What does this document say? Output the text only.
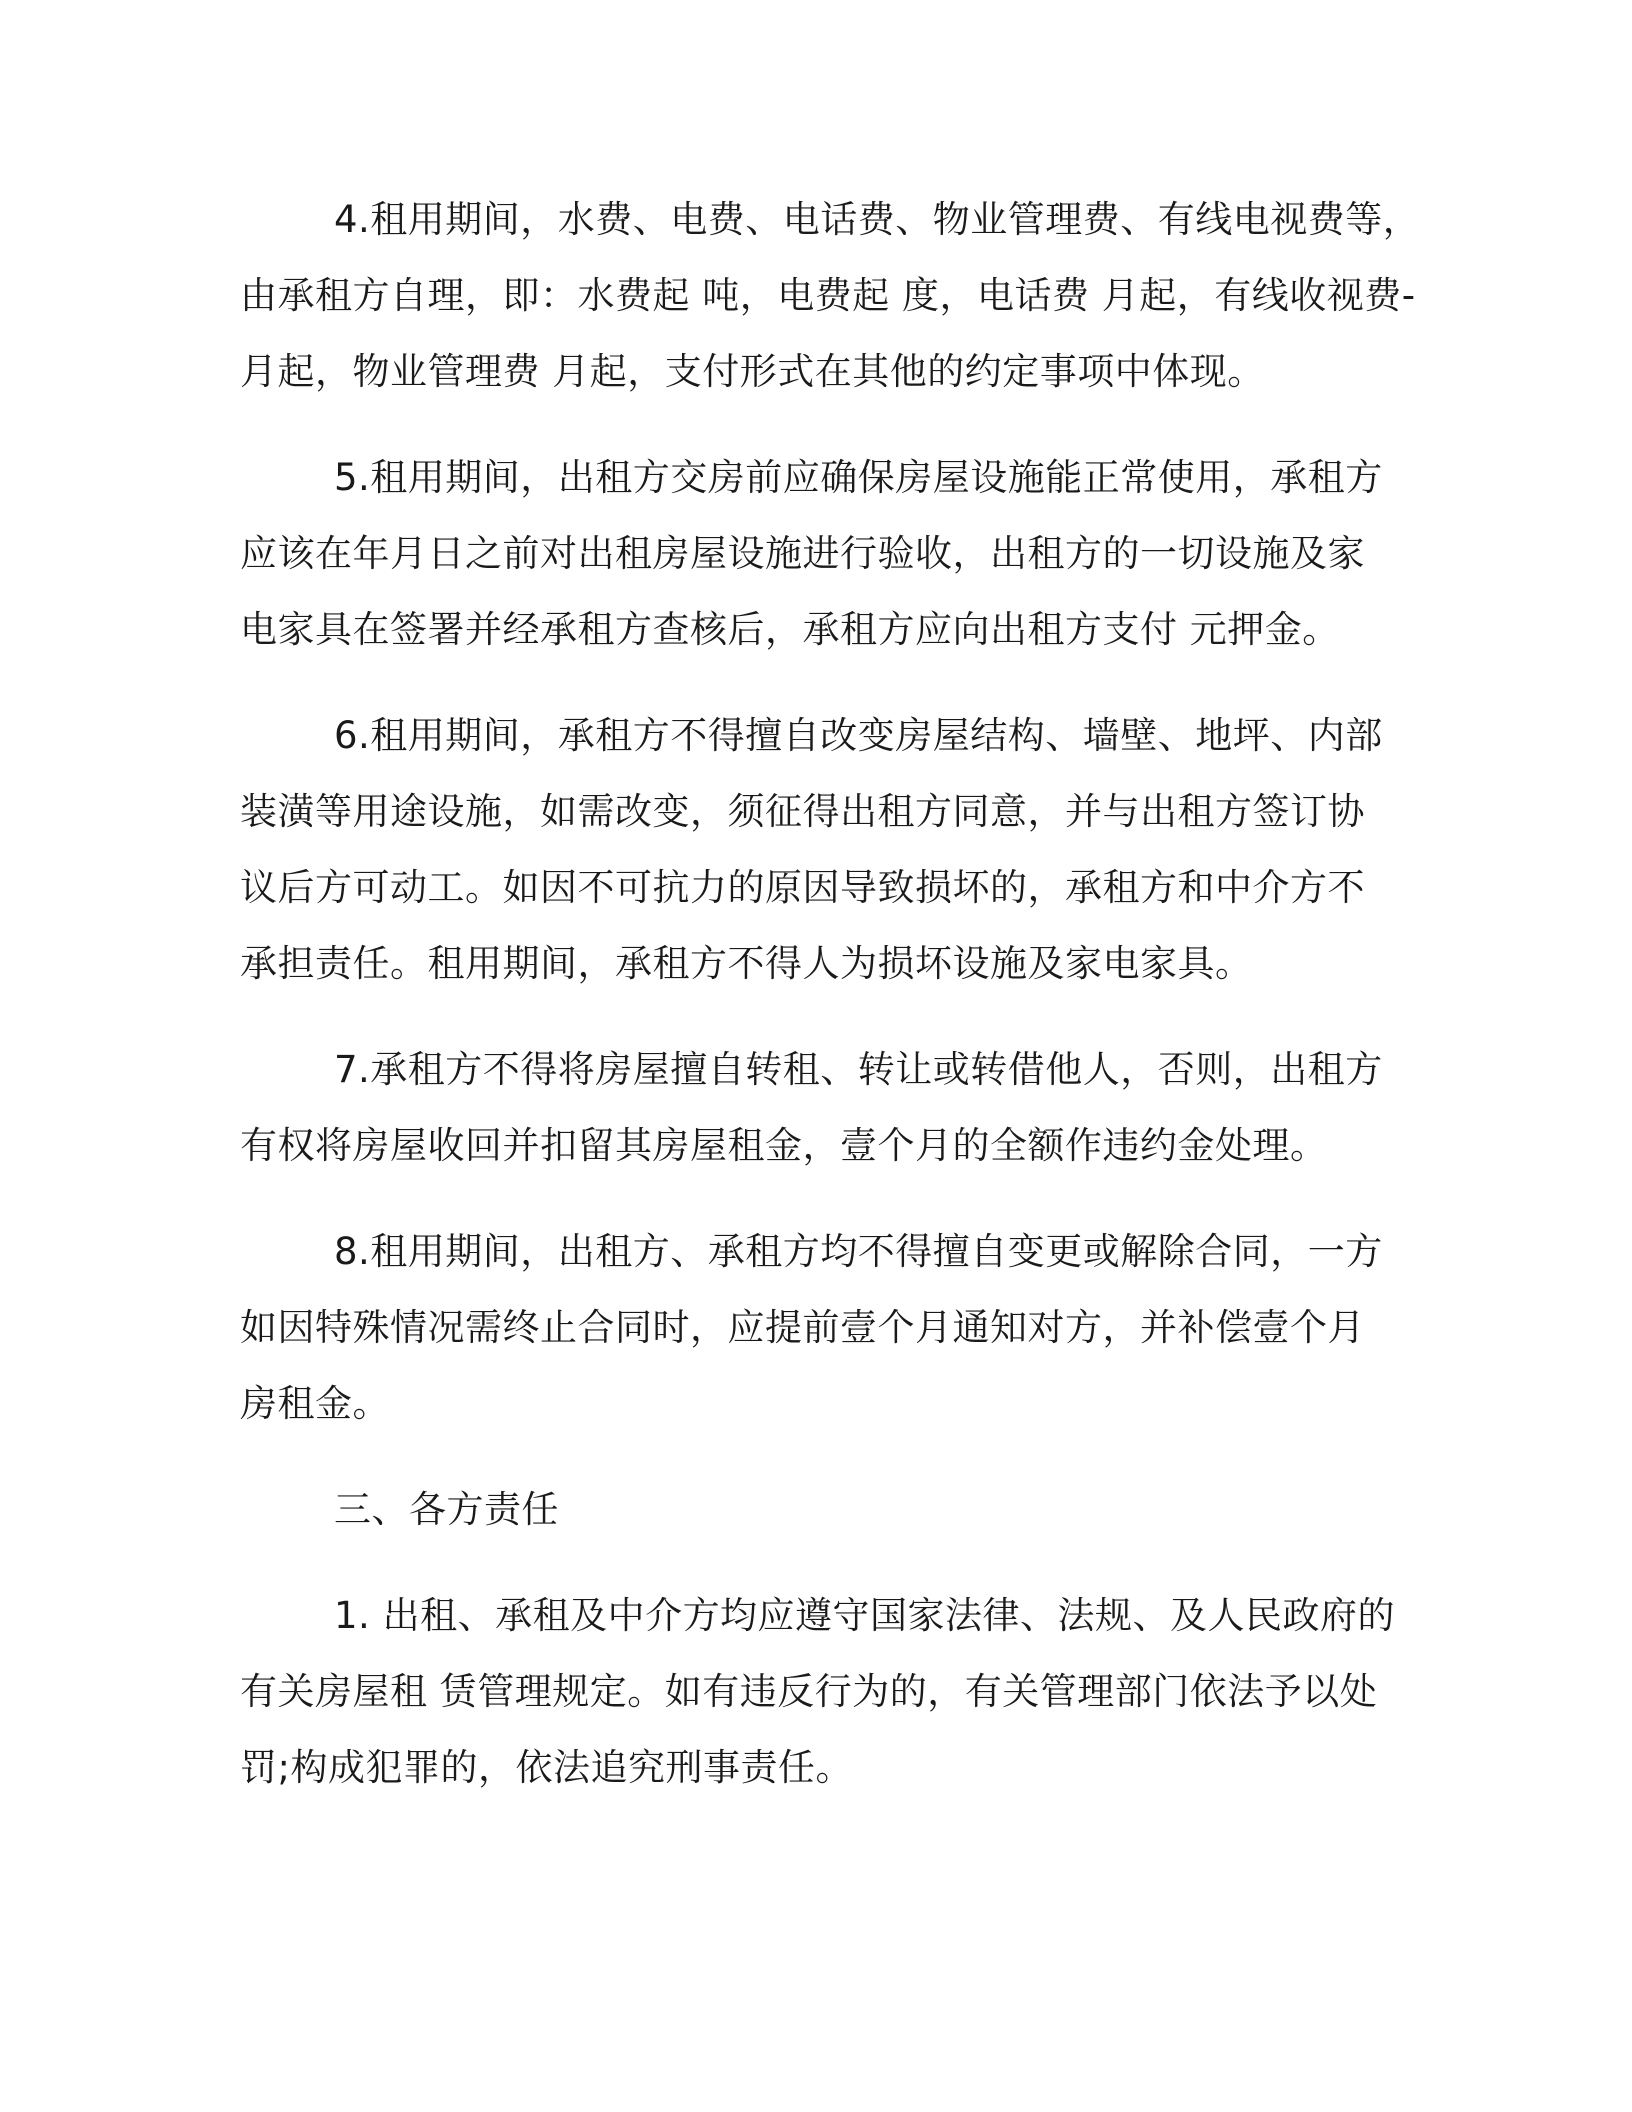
4.租用期间，水费、电费、电话费、物业管理费、有线电视费等，
由承租方自理，即：水费起 吨，电费起 度，电话费 月起，有线收视费-
月起，物业管理费 月起，支付形式在其他的约定事项中体现。

5.租用期间，出租方交房前应确保房屋设施能正常使用，承租方
应该在年月日之前对出租房屋设施进行验收，出租方的一切设施及家
电家具在签署并经承租方查核后，承租方应向出租方支付 元押金。

6.租用期间，承租方不得擅自改变房屋结构、墙壁、地坪、内部
装潢等用途设施，如需改变，须征得出租方同意，并与出租方签订协
议后方可动工。如因不可抗力的原因导致损坏的，承租方和中介方不
承担责任。租用期间，承租方不得人为损坏设施及家电家具。

7.承租方不得将房屋擅自转租、转让或转借他人，否则，出租方
有权将房屋收回并扣留其房屋租金，壹个月的全额作违约金处理。

8.租用期间，出租方、承租方均不得擅自变更或解除合同，一方
如因特殊情况需终止合同时，应提前壹个月通知对方，并补偿壹个月
房租金。

三、各方责任

1. 出租、承租及中介方均应遵守国家法律、法规、及人民政府的
有关房屋租 赁管理规定。如有违反行为的，有关管理部门依法予以处
罚;构成犯罪的，依法追究刑事责任。
